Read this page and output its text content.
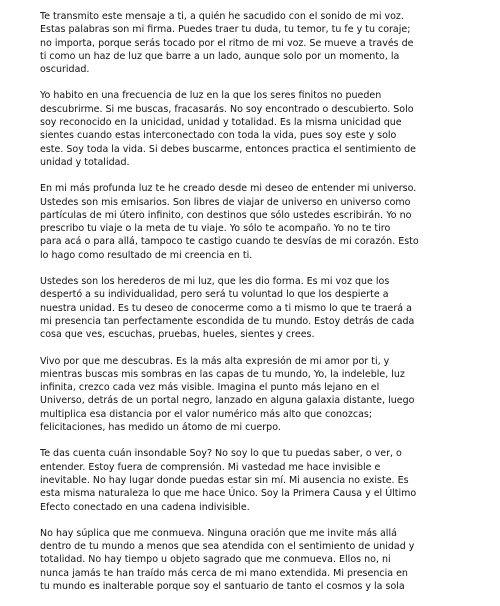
Te transmito este mensaje a ti, a quién he sacudido con el sonido de mi voz.
Estas palabras son mi firma. Puedes traer tu duda, tu temor, tu fe y tu coraje;
no importa, porque serás tocado por el ritmo de mi voz. Se mueve a través de
ti como un haz de luz que barre a un lado, aunque solo por un momento, la
oscuridad.

Yo habito en una frecuencia de luz en la que los seres finitos no pueden
descubrirme. Si me buscas, fracasarás. No soy encontrado o descubierto. Solo
soy reconocido en la unicidad, unidad y totalidad. Es la misma unicidad que
sientes cuando estas interconectado con toda la vida, pues soy este y solo
este. Soy toda la vida. Si debes buscarme, entonces practica el sentimiento de
unidad y totalidad.

En mi más profunda luz te he creado desde mi deseo de entender mi universo.
Ustedes son mis emisarios. Son libres de viajar de universo en universo como
partículas de mi útero infinito, con destinos que sólo ustedes escribirán. Yo no
prescribo tu viaje o la meta de tu viaje. Yo sólo te acompaño. Yo no te tiro
para acá o para allá, tampoco te castigo cuando te desvías de mi corazón. Esto
lo hago como resultado de mi creencia en ti.

Ustedes son los herederos de mi luz, que les dio forma. Es mi voz que los
despertó a su individualidad, pero será tu voluntad lo que los despierte a
nuestra unidad. Es tu deseo de conocerme como a ti mismo lo que te traerá a
mi presencia tan perfectamente escondida de tu mundo. Estoy detrás de cada
cosa que ves, escuchas, pruebas, hueles, sientes y crees.

Vivo por que me descubras. Es la más alta expresión de mi amor por ti, y
mientras buscas mis sombras en las capas de tu mundo, Yo, la indeleble, luz
infinita, crezco cada vez más visible. Imagina el punto más lejano en el
Universo, detrás de un portal negro, lanzado en alguna galaxia distante, luego
multiplica esa distancia por el valor numérico más alto que conozcas;
felicitaciones, has medido un átomo de mi cuerpo.

Te das cuenta cuán insondable Soy? No soy lo que tu puedas saber, o ver, o
entender. Estoy fuera de comprensión. Mi vastedad me hace invisible e
inevitable. No hay lugar donde puedas estar sin mí. Mi ausencia no existe. Es
esta misma naturaleza lo que me hace Único. Soy la Primera Causa y el Último
Efecto conectado en una cadena indivisible.

No hay súplica que me conmueva. Ninguna oración que me invite más allá
dentro de tu mundo a menos que sea atendida con el sentimiento de unidad y
totalidad. No hay tiempo u objeto sagrado que me conmueva. Ellos no, ni
nunca jamás te han traído más cerca de mi mano extendida. Mi presencia en
tu mundo es inalterable porque soy el santuario de tanto el cosmos y la sola
